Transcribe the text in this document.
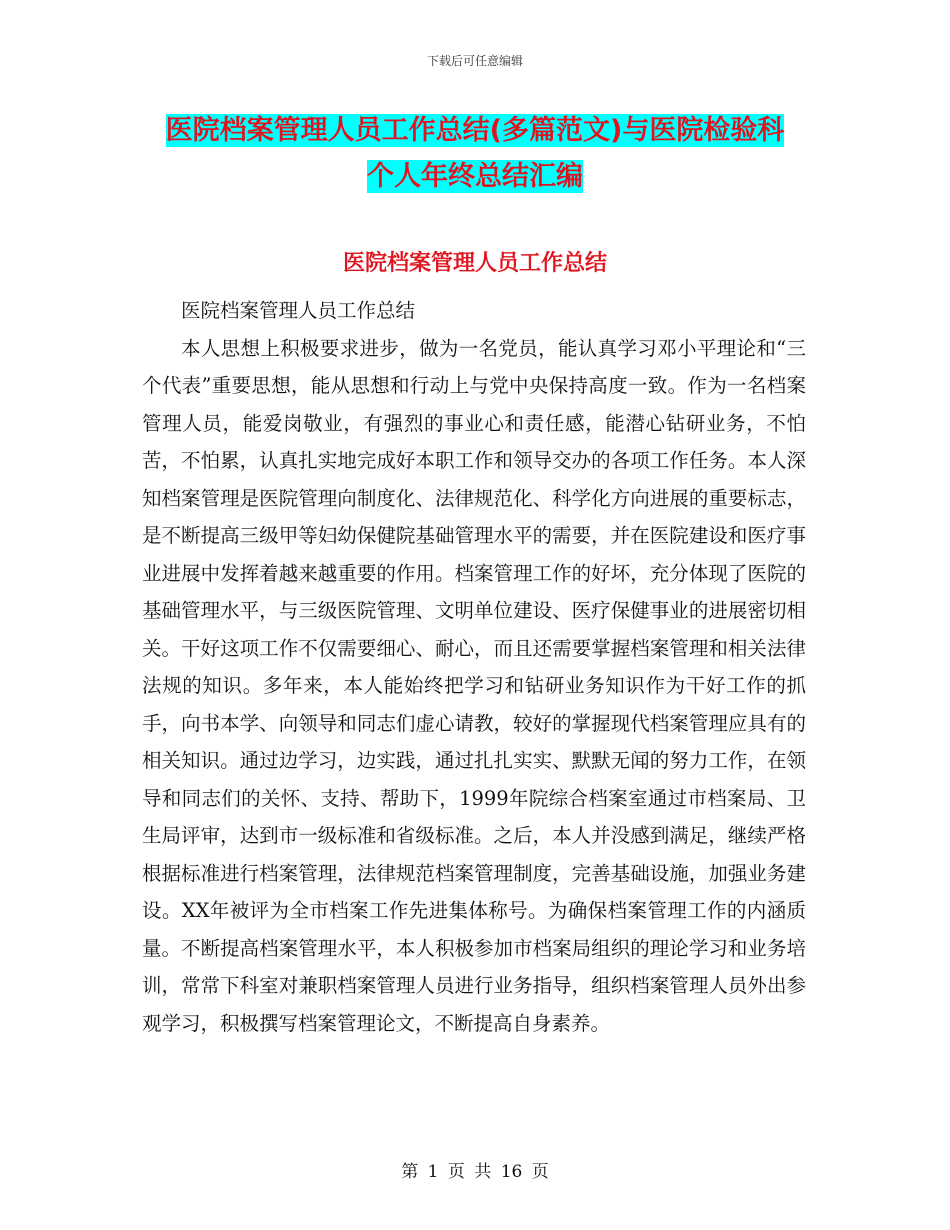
下载后可任意编辑
医院档案管理人员工作总结(多篇范文)与医院检验科
个人年终总结汇编
医院档案管理人员工作总结

医院档案管理人员工作总结

本人思想上积极要求进步，做为一名党员，能认真学习邓小平理论和“三个代表”重要思想，能从思想和行动上与党中央保持高度一致。作为一名档案管理人员，能爱岗敬业，有强烈的事业心和责任感，能潜心钻研业务，不怕苦，不怕累，认真扎实地完成好本职工作和领导交办的各项工作任务。本人深知档案管理是医院管理向制度化、法律规范化、科学化方向进展的重要标志，是不断提高三级甲等妇幼保健院基础管理水平的需要，并在医院建设和医疗事业进展中发挥着越来越重要的作用。档案管理工作的好坏，充分体现了医院的基础管理水平，与三级医院管理、文明单位建设、医疗保健事业的进展密切相关。干好这项工作不仅需要细心、耐心，而且还需要掌握档案管理和相关法律法规的知识。多年来，本人能始终把学习和钻研业务知识作为干好工作的抓手，向书本学、向领导和同志们虚心请教，较好的掌握现代档案管理应具有的相关知识。通过边学习，边实践，通过扎扎实实、默默无闻的努力工作，在领导和同志们的关怀、支持、帮助下，1999年院综合档案室通过市档案局、卫生局评审，达到市一级标准和省级标准。之后，本人并没感到满足，继续严格根据标准进行档案管理，法律规范档案管理制度，完善基础设施，加强业务建设。XX年被评为全市档案工作先进集体称号。为确保档案管理工作的内涵质量。不断提高档案管理水平，本人积极参加市档案局组织的理论学习和业务培训，常常下科室对兼职档案管理人员进行业务指导，组织档案管理人员外出参观学习，积极撰写档案管理论文，不断提高自身素养。

第 1 页 共 16 页
